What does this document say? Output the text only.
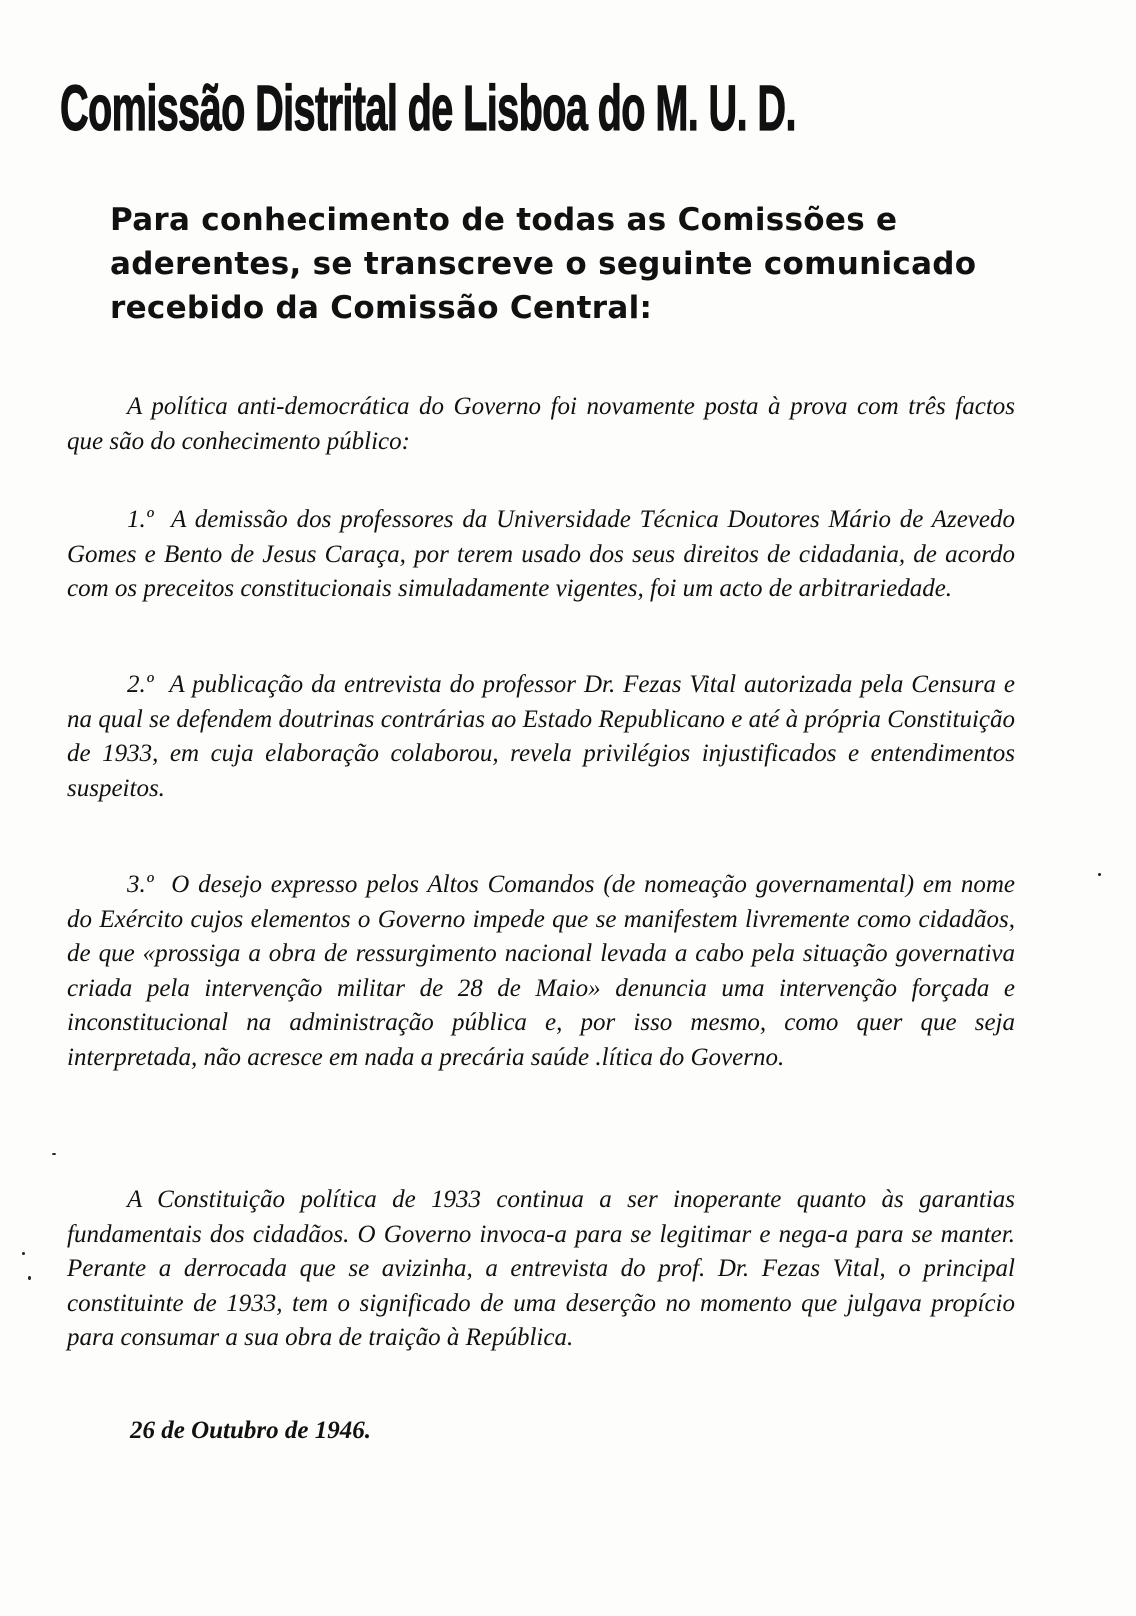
Comissão Distrital de Lisboa do M. U. D.
Para conhecimento de todas as Comissões e aderentes, se transcreve o seguinte comunicado recebido da Comissão Central:

A política anti-democrática do Governo foi novamente posta à prova com três factos que são do conhecimento público:

1.º A demissão dos professores da Universidade Técnica Doutores Mário de Azevedo Gomes e Bento de Jesus Caraça, por terem usado dos seus direitos de cidadania, de acordo com os preceitos constitucionais simuladamente vigentes, foi um acto de arbitrariedade.

2.º A publicação da entrevista do professor Dr. Fezas Vital autorizada pela Censura e na qual se defendem doutrinas contrárias ao Estado Republicano e até à própria Constituição de 1933, em cuja elaboração colaborou, revela privilégios injustificados e entendimentos suspeitos.

3.º O desejo expresso pelos Altos Comandos (de nomeação governamental) em nome do Exército cujos elementos o Governo impede que se manifestem livremente como cidadãos, de que «prossiga a obra de ressurgimento nacional levada a cabo pela situação governativa criada pela intervenção militar de 28 de Maio» denuncia uma intervenção forçada e inconstitucional na administração pública e, por isso mesmo, como quer que seja interpretada, não acresce em nada a precária saúde .lítica do Governo.

A Constituição política de 1933 continua a ser inoperante quanto às garantias fundamentais dos cidadãos. O Governo invoca-a para se legitimar e nega-a para se manter. Perante a derrocada que se avizinha, a entrevista do prof. Dr. Fezas Vital, o principal constituinte de 1933, tem o significado de uma deserção no momento que julgava propício para consumar a sua obra de traição à República.

26 de Outubro de 1946.
